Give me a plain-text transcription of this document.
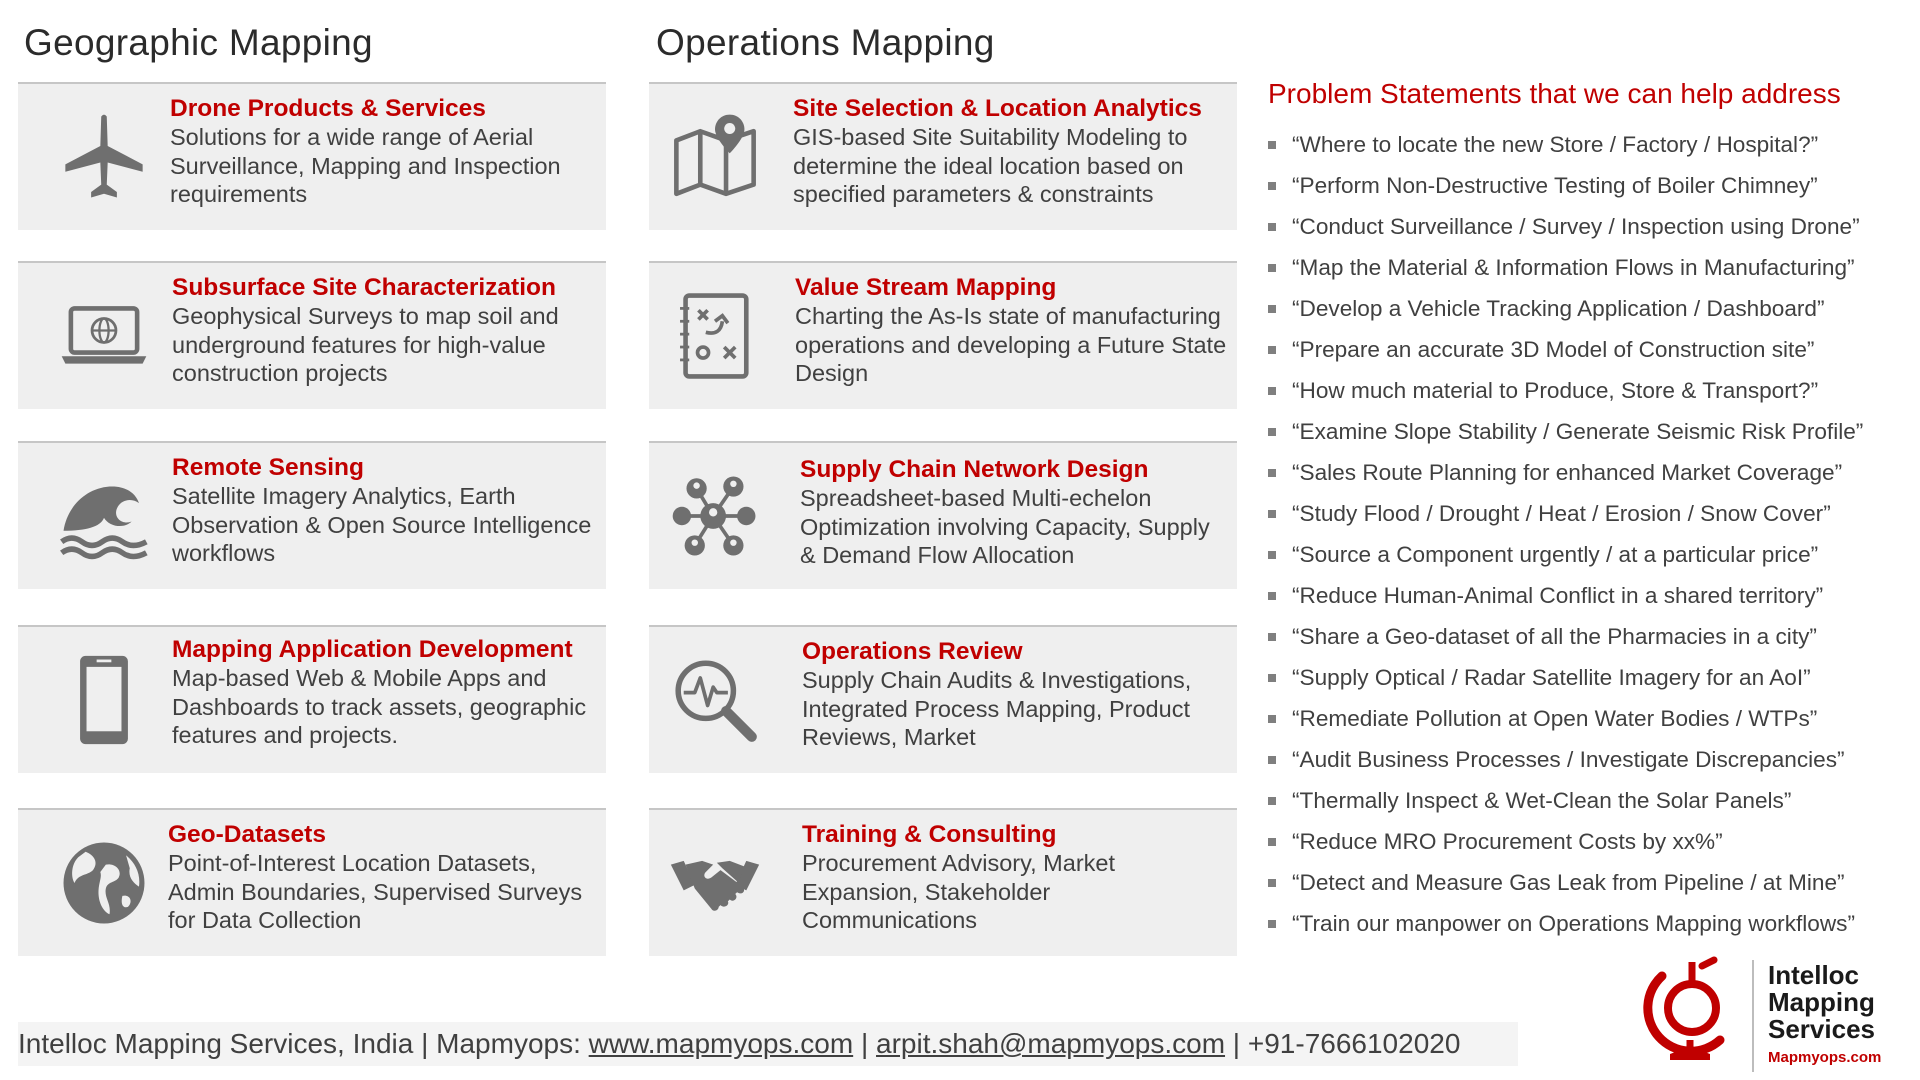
Geographic Mapping
Drone Products & Services

Solutions for a wide range of Aerial Surveillance, Mapping and Inspection requirements

Subsurface Site Characterization

Geophysical Surveys to map soil and underground features for high-value construction projects

Remote Sensing

Satellite Imagery Analytics, Earth Observation & Open Source Intelligence workflows

Mapping Application Development

Map-based Web & Mobile Apps and Dashboards to track assets, geographic features and projects.

Geo-Datasets

Point-of-Interest Location Datasets, Admin Boundaries, Supervised Surveys for Data Collection

Operations Mapping
Site Selection & Location Analytics

GIS-based Site Suitability Modeling to determine the ideal location based on specified parameters & constraints

Value Stream Mapping

Charting the As-Is state of manufacturing operations and developing a Future State Design

Supply Chain Network Design

Spreadsheet-based Multi-echelon Optimization involving Capacity, Supply & Demand Flow Allocation

Operations Review

Supply Chain Audits & Investigations, Integrated Process Mapping, Product Reviews, Market

Training & Consulting

Procurement Advisory, Market Expansion, Stakeholder Communications

Problem Statements that we can help address
“Where to locate the new Store / Factory / Hospital?”
“Perform Non-Destructive Testing of Boiler Chimney”
“Conduct Surveillance / Survey / Inspection using Drone”
“Map the Material & Information Flows in Manufacturing”
“Develop a Vehicle Tracking Application / Dashboard”
“Prepare an accurate 3D Model of Construction site”
“How much material to Produce, Store & Transport?”
“Examine Slope Stability / Generate Seismic Risk Profile”
“Sales Route Planning for enhanced Market Coverage”
“Study Flood / Drought / Heat / Erosion / Snow Cover”
“Source a Component urgently / at a particular price”
“Reduce Human-Animal Conflict in a shared territory”
“Share a Geo-dataset of all the Pharmacies in a city”
“Supply Optical / Radar Satellite Imagery for an AoI”
“Remediate Pollution at Open Water Bodies / WTPs”
“Audit Business Processes / Investigate Discrepancies”
“Thermally Inspect & Wet-Clean the Solar Panels”
“Reduce MRO Procurement Costs by xx%”
“Detect and Measure Gas Leak from Pipeline / at Mine”
“Train our manpower on Operations Mapping workflows”
Intelloc Mapping Services, India | Mapmyops: www.mapmyops.com | arpit.shah@mapmyops.com | +91-7666102020
Intelloc Mapping Services
Mapmyops.com
